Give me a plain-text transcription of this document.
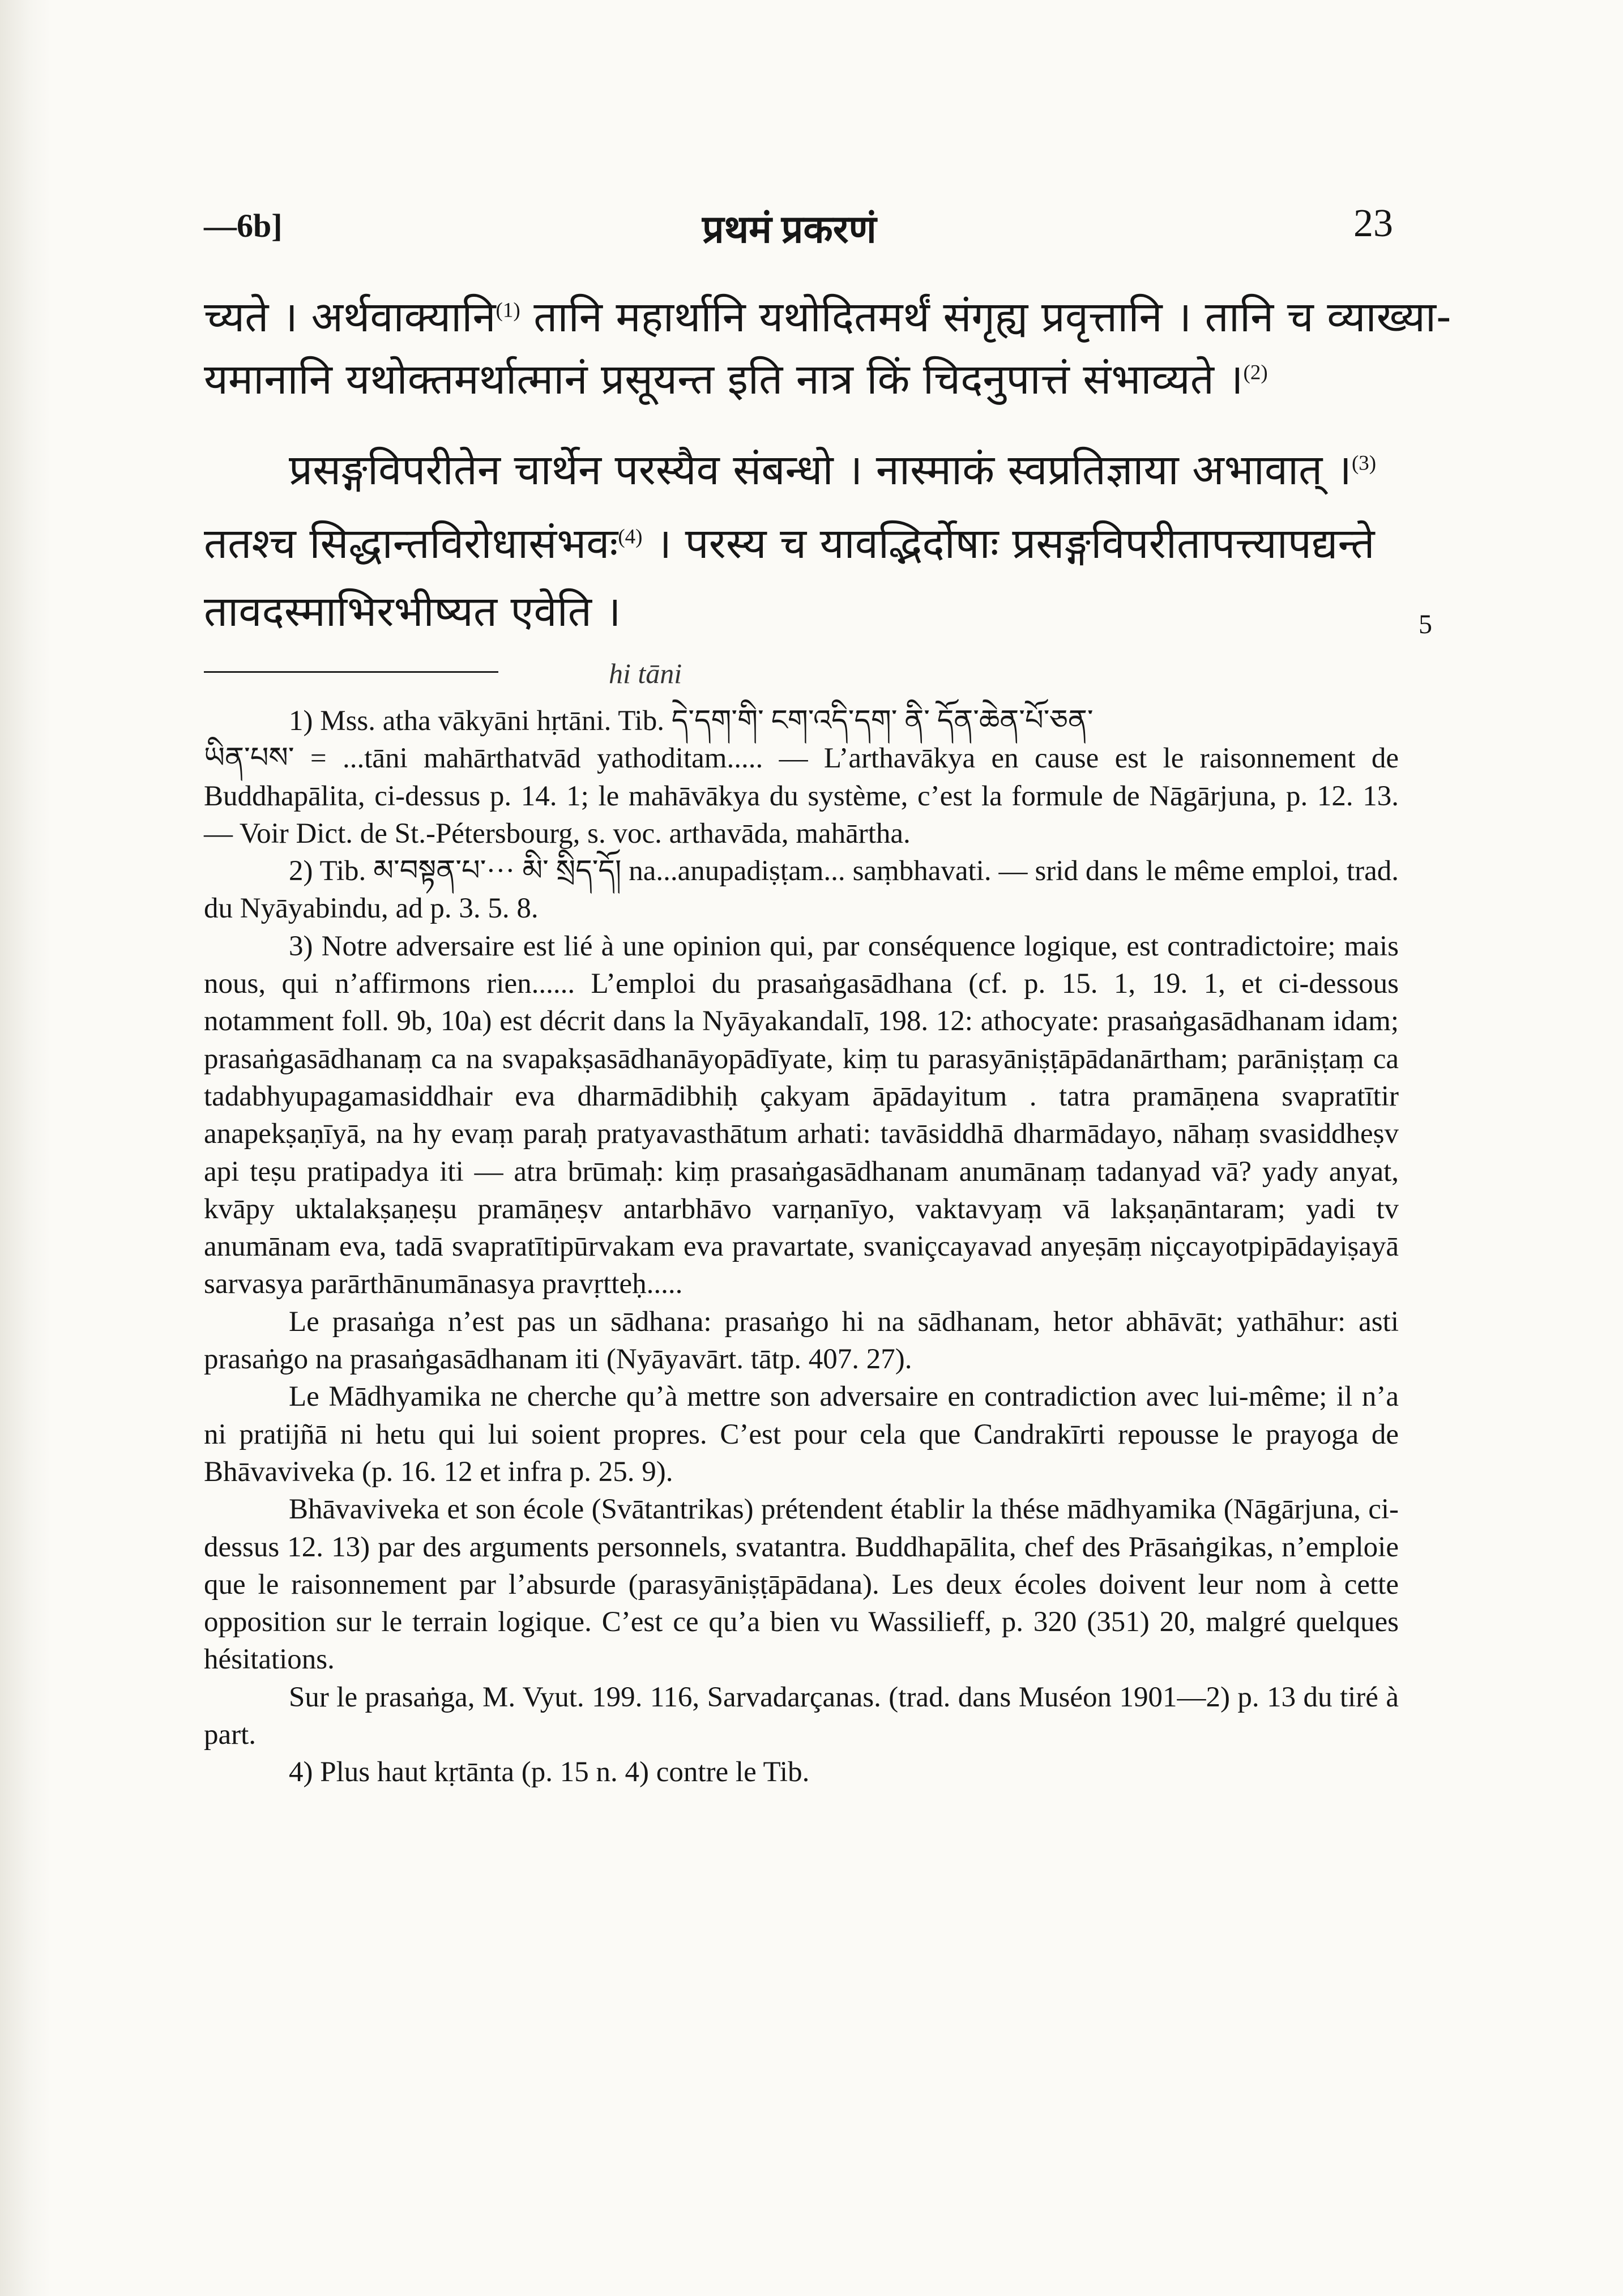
—6b]	प्रथमं प्रकरणं	23
च्यते । अर्थवाक्यानि$^{(1)}$ तानि महार्थानि यथोदितमर्थं संगृह्य प्रवृत्तानि । तानि च व्याख्या-
यमानानि यथोक्तमर्थात्मानं प्रसूयन्त इति नात्र किं चिदनुपात्तं संभाव्यते ।$^{(2)}$
प्रसङ्गविपरीतेन चार्थेन परस्यैव संबन्धो । नास्माकं स्वप्रतिज्ञाया अभावात् ।$^{(3)}$
ततश्च सिद्धान्तविरोधासंभवः$^{(4)}$ । परस्य च यावद्भिर्दोषाः प्रसङ्गविपरीतापत्त्यापद्यन्ते
तावदस्माभिरभीष्यत एवेति ।	5
hi tāni

1) Mss. atha vākyāni hṛtāni. Tib. དེ་དག་གི་ ངག་འདི་དག་ ནི་ དོན་ཆེན་པོ་ཅན་

ཡིན་པས་ = ...tāni mahārthatvād yathoditam..... — L’arthavākya en cause est le raisonnement de Buddhapālita, ci-dessus p. 14. 1; le mahāvākya du système, c’est la formule de Nāgārjuna, p. 12. 13. — Voir Dict. de St.-Pétersbourg, s. voc. arthavāda, mahārtha.

2) Tib. མ་བསྟན་པ་··· མི་ སྲིད་དོ། na...anupadiṣṭam... saṃbhavati. — srid dans le même emploi, trad. du Nyāyabindu, ad p. 3. 5. 8.

3) Notre adversaire est lié à une opinion qui, par conséquence logique, est contradictoire; mais nous, qui n’affirmons rien...... L’emploi du prasaṅgasādhana (cf. p. 15. 1, 19. 1, et ci-dessous notamment foll. 9b, 10a) est décrit dans la Nyāyakandalī, 198. 12: athocyate: prasaṅgasādhanam idam; prasaṅgasādhanaṃ ca na svapakṣasādhanāyopādīyate, kiṃ tu parasyāniṣṭāpādanārtham; parāniṣṭaṃ ca tadabhyupagamasiddhair eva dharmādibhiḥ çakyam āpādayitum . tatra pramāṇena svapratītir anapekṣaṇīyā, na hy evaṃ paraḥ pratyavasthātum arhati: tavāsiddhā dharmādayo, nāhaṃ svasiddheṣv api teṣu pratipadya iti — atra brūmaḥ: kiṃ prasaṅgasādhanam anumānaṃ tadanyad vā? yady anyat, kvāpy uktalakṣaṇeṣu pramāṇeṣv antarbhāvo varṇanīyo, vaktavyaṃ vā lakṣaṇāntaram; yadi tv anumānam eva, tadā svapratītipūrvakam eva pravartate, svaniçcayavad anyeṣāṃ niçcayotpipādayiṣayā sarvasya parārthānumānasya pravṛtteḥ.....

Le prasaṅga n’est pas un sādhana: prasaṅgo hi na sādhanam, hetor abhāvāt; yathāhur: asti prasaṅgo na prasaṅgasādhanam iti (Nyāyavārt. tātp. 407. 27).

Le Mādhyamika ne cherche qu’à mettre son adversaire en contradiction avec lui-même; il n’a ni pratijñā ni hetu qui lui soient propres. C’est pour cela que Candrakīrti repousse le prayoga de Bhāvaviveka (p. 16. 12 et infra p. 25. 9).

Bhāvaviveka et son école (Svātantrikas) prétendent établir la thése mādhyamika (Nāgārjuna, ci-dessus 12. 13) par des arguments personnels, svatantra. Buddhapālita, chef des Prāsaṅgikas, n’emploie que le raisonnement par l’absurde (parasyāniṣṭāpādana). Les deux écoles doivent leur nom à cette opposition sur le terrain logique. C’est ce qu’a bien vu Wassilieff, p. 320 (351) 20, malgré quelques hésitations.

Sur le prasaṅga, M. Vyut. 199. 116, Sarvadarçanas. (trad. dans Muséon 1901—2) p. 13 du tiré à part.

4) Plus haut kṛtānta (p. 15 n. 4) contre le Tib.
